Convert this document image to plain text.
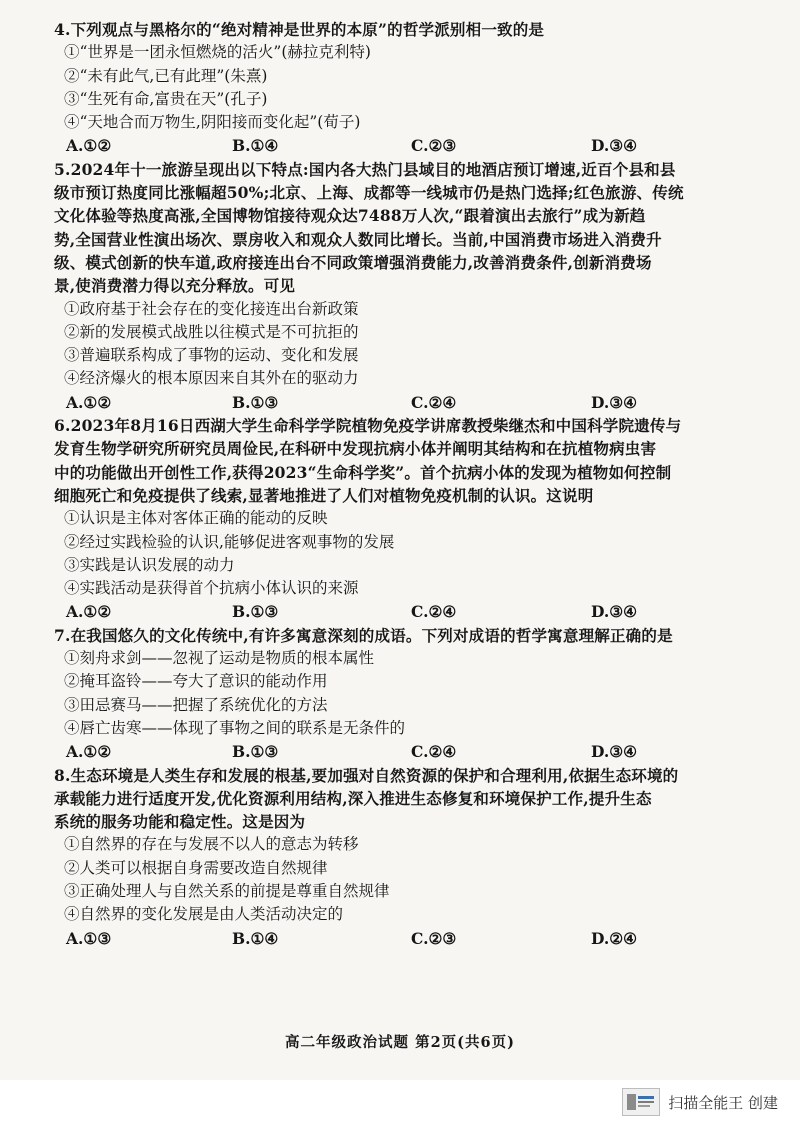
4.下列观点与黑格尔的“绝对精神是世界的本原”的哲学派别相一致的是
①“世界是一团永恒燃烧的活火”(赫拉克利特)
②“未有此气,已有此理”(朱熹)
③“生死有命,富贵在天”(孔子)
④“天地合而万物生,阴阳接而变化起”(荀子)
A.①②	B.①④	C.②③	D.③④
5.2024年十一旅游呈现出以下特点:国内各大热门县域目的地酒店预订增速,近百个县和县
级市预订热度同比涨幅超50%;北京、上海、成都等一线城市仍是热门选择;红色旅游、传统
文化体验等热度高涨,全国博物馆接待观众达7488万人次,“跟着演出去旅行”成为新趋
势,全国营业性演出场次、票房收入和观众人数同比增长。当前,中国消费市场进入消费升
级、模式创新的快车道,政府接连出台不同政策增强消费能力,改善消费条件,创新消费场
景,使消费潜力得以充分释放。可见
①政府基于社会存在的变化接连出台新政策
②新的发展模式战胜以往模式是不可抗拒的
③普遍联系构成了事物的运动、变化和发展
④经济爆火的根本原因来自其外在的驱动力
A.①②	B.①③	C.②④	D.③④
6.2023年8月16日西湖大学生命科学学院植物免疫学讲席教授柴继杰和中国科学院遗传与
发育生物学研究所研究员周俭民,在科研中发现抗病小体并阐明其结构和在抗植物病虫害
中的功能做出开创性工作,获得2023“生命科学奖”。首个抗病小体的发现为植物如何控制
细胞死亡和免疫提供了线索,显著地推进了人们对植物免疫机制的认识。这说明
①认识是主体对客体正确的能动的反映
②经过实践检验的认识,能够促进客观事物的发展
③实践是认识发展的动力
④实践活动是获得首个抗病小体认识的来源
A.①②	B.①③	C.②④	D.③④
7.在我国悠久的文化传统中,有许多寓意深刻的成语。下列对成语的哲学寓意理解正确的是
①刻舟求剑——忽视了运动是物质的根本属性
②掩耳盗铃——夸大了意识的能动作用
③田忌赛马——把握了系统优化的方法
④唇亡齿寒——体现了事物之间的联系是无条件的
A.①②	B.①③	C.②④	D.③④
8.生态环境是人类生存和发展的根基,要加强对自然资源的保护和合理利用,依据生态环境的
承载能力进行适度开发,优化资源利用结构,深入推进生态修复和环境保护工作,提升生态
系统的服务功能和稳定性。这是因为
①自然界的存在与发展不以人的意志为转移
②人类可以根据自身需要改造自然规律
③正确处理人与自然关系的前提是尊重自然规律
④自然界的变化发展是由人类活动决定的
A.①③	B.①④	C.②③	D.②④
高二年级政治试题 第2页(共6页)
扫描全能王 创建
